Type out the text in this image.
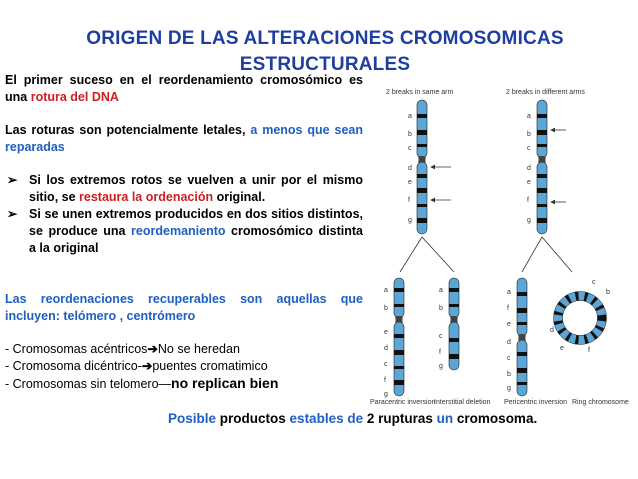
ORIGEN DE LAS ALTERACIONES CROMOSOMICAS ESTRUCTURALES
El primer suceso en el reordenamiento cromosómico es una rotura del DNA
Las roturas son potencialmente letales, a menos que sean reparadas
➢ Si los extremos rotos se vuelven a unir por el mismo sitio, se restaura la ordenación original.
➢ Si se unen extremos producidos en dos sitios distintos, se produce una reordemaniento cromosómico distinta a la original
Las reordenaciones recuperables son aquellas que incluyen: telómero , centrómero
- Cromosomas acéntricos➔No se heredan
- Cromosoma dicéntrico-➔puentes cromatimico
- Cromosomas sin telomero—no replican bien
2 breaks in same arm	2 breaks in different arms
a
b
c
d
e
f
g
a
b
c
d
e
f
g
a
b
e
d
c
f
g
a
b
c
f
g
a
f
e
d
c
b
g
c
b
d
e	f
Paracentric inversion
Interstitial deletion Pericentric inversion Ring chromosome
Posible productos estables de 2 rupturas un cromosoma.
